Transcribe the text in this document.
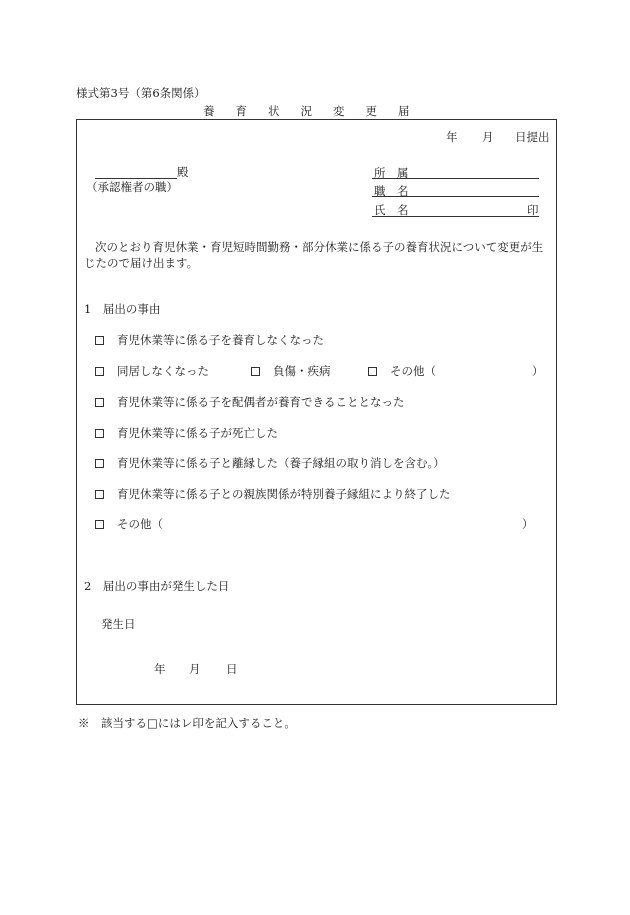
様式第3号（第6条関係）
養育状況変更届
年 月 日提出
殿
（承認権者の職）
所　属
職　名
氏　名	印
次のとおり育児休業・育児短時間勤務・部分休業に係る子の養育状況について変更が生
じたので届け出ます。
1　届出の事由
育児休業等に係る子を養育しなくなった
同居しなくなった	負傷・疾病	その他（	）
育児休業等に係る子を配偶者が養育できることとなった
育児休業等に係る子が死亡した
育児休業等に係る子と離縁した（養子縁組の取り消しを含む。）
育児休業等に係る子との親族関係が特別養子縁組により終了した
その他（	）
2　届出の事由が発生した日
発生日
年 月 日
※　該当する□にはレ印を記入すること。
